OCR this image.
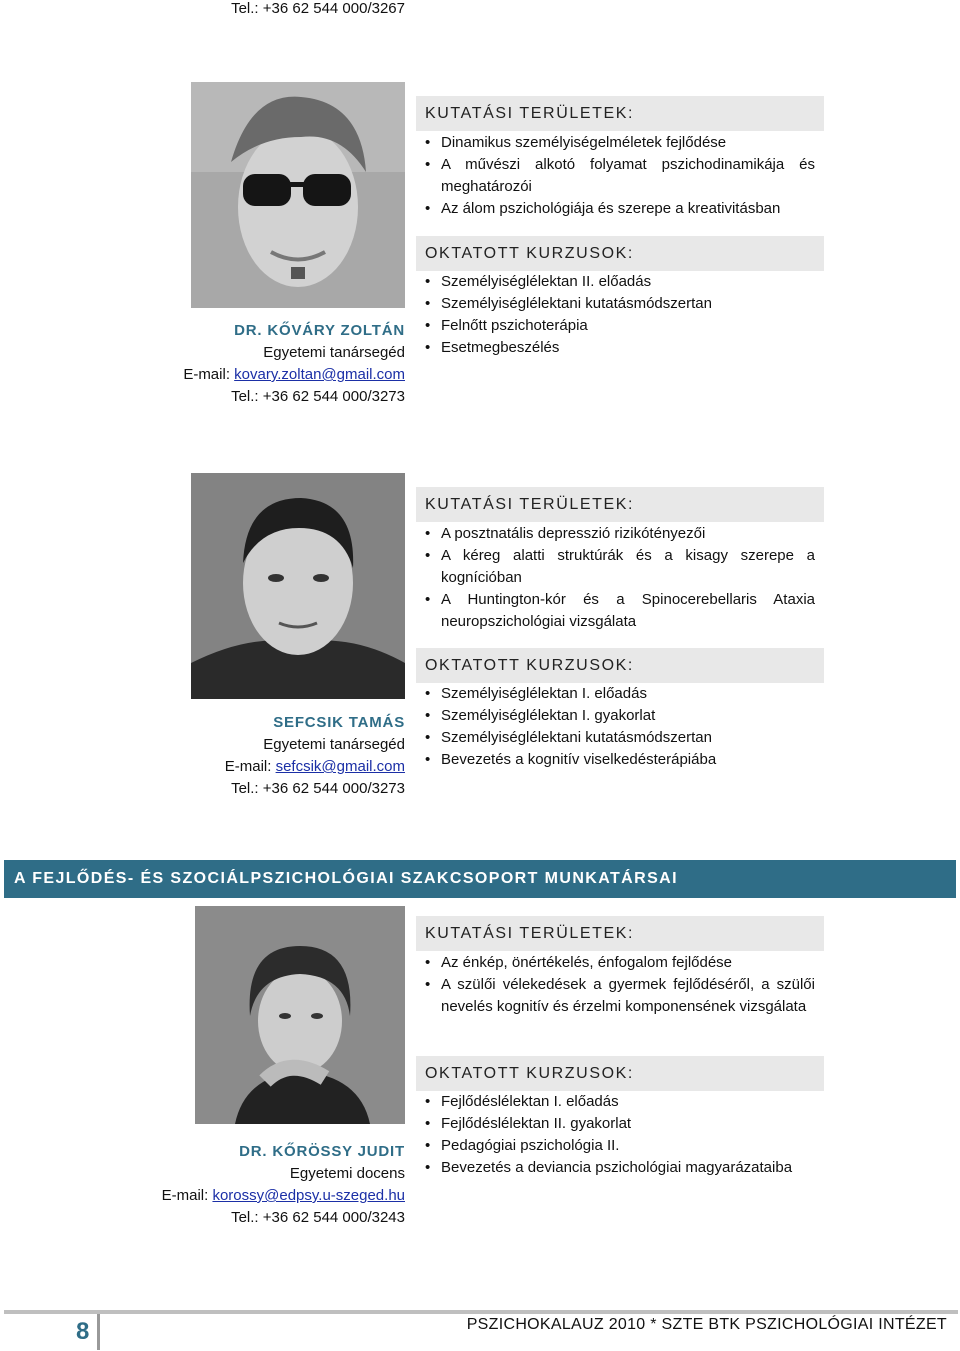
Tel.: +36 62 544 000/3267
DR. KŐVÁRY ZOLTÁN
Egyetemi tanársegéd
E-mail: kovary.zoltan@gmail.com
Tel.: +36 62 544 000/3273
KUTATÁSI TERÜLETEK:
• Dinamikus személyiségelméletek fejlődése
• A művészi alkotó folyamat pszichodinamikája és meghatározói
• Az álom pszichológiája és szerepe a kreativitásban
OKTATOTT KURZUSOK:
• Személyiséglélektan II. előadás
• Személyiséglélektani kutatásmódszertan
• Felnőtt pszichoterápia
• Esetmegbeszélés
SEFCSIK TAMÁS
Egyetemi tanársegéd
E-mail: sefcsik@gmail.com
Tel.: +36 62 544 000/3273
KUTATÁSI TERÜLETEK:
• A posztnatális depresszió rizikótényezői
• A kéreg alatti struktúrák és a kisagy szerepe a kognícióban
• A Huntington-kór és a Spinocerebellaris Ataxia neuropszichológiai vizsgálata
OKTATOTT KURZUSOK:
• Személyiséglélektan I. előadás
• Személyiséglélektan I. gyakorlat
• Személyiséglélektani kutatásmódszertan
• Bevezetés a kognitív viselkedésterápiába
A FEJLŐDÉS- ÉS SZOCIÁLPSZICHOLÓGIAI SZAKCSOPORT MUNKATÁRSAI
DR. KŐRÖSSY JUDIT
Egyetemi docens
E-mail: korossy@edpsy.u-szeged.hu
Tel.: +36 62 544 000/3243
KUTATÁSI TERÜLETEK:
• Az énkép, önértékelés, énfogalom fejlődése
• A szülői vélekedések a gyermek fejlődéséről, a szülői nevelés kognitív és érzelmi komponensének vizsgálata
OKTATOTT KURZUSOK:
• Fejlődéslélektan I. előadás
• Fejlődéslélektan II. gyakorlat
• Pedagógiai pszichológia II.
• Bevezetés a deviancia pszichológiai magyarázataiba
8	PSZICHOKALAUZ 2010 * SZTE BTK PSZICHOLÓGIAI INTÉZET
